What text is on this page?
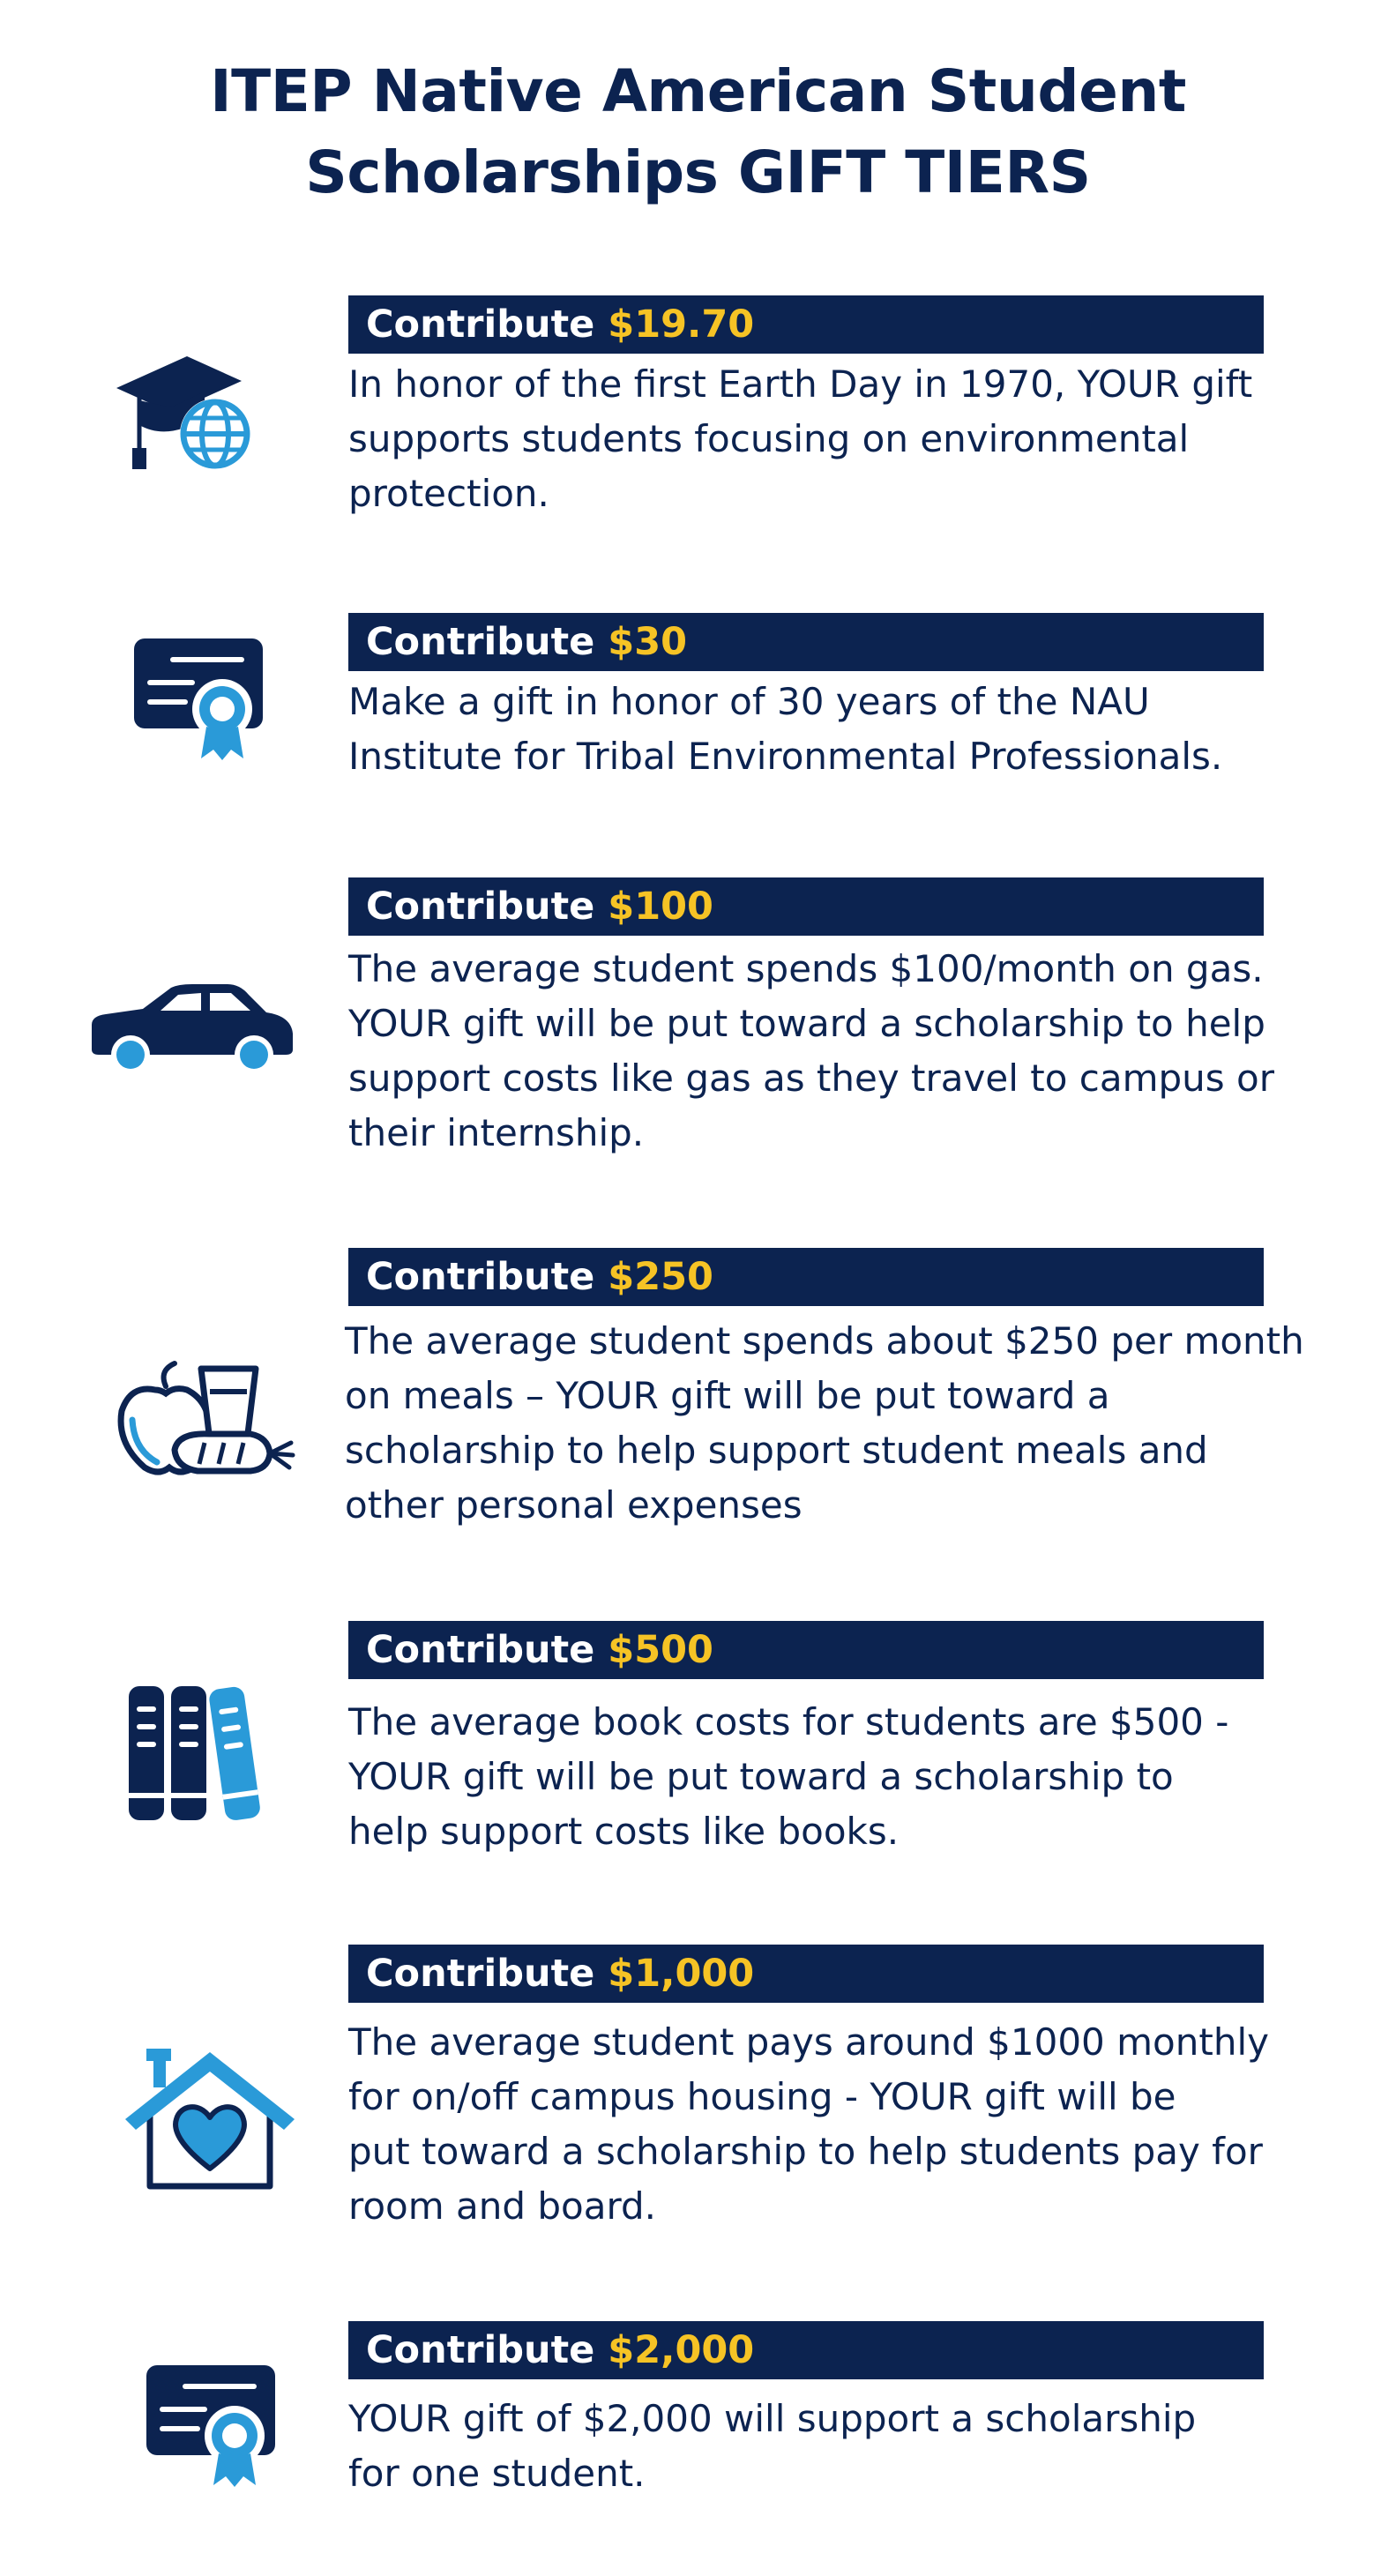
ITEP Native American Student
Scholarships GIFT TIERS
Contribute $19.70
In honor of the first Earth Day in 1970, YOUR gift
supports students focusing on environmental
protection.
Contribute $30
Make a gift in honor of 30 years of the NAU
Institute for Tribal Environmental Professionals.
Contribute $100
The average student spends $100/month on gas.
YOUR gift will be put toward a scholarship to help
support costs like gas as they travel to campus or
their internship.
Contribute $250
The average student spends about $250 per month
on meals – YOUR gift will be put toward a
scholarship to help support student meals and
other personal expenses
Contribute $500
The average book costs for students are $500 -
YOUR gift will be put toward a scholarship to
help support costs like books.
Contribute $1,000
The average student pays around $1000 monthly
for on/off campus housing - YOUR gift will be
put toward a scholarship to help students pay for
room and board.
Contribute $2,000
YOUR gift of $2,000 will support a scholarship
for one student.
